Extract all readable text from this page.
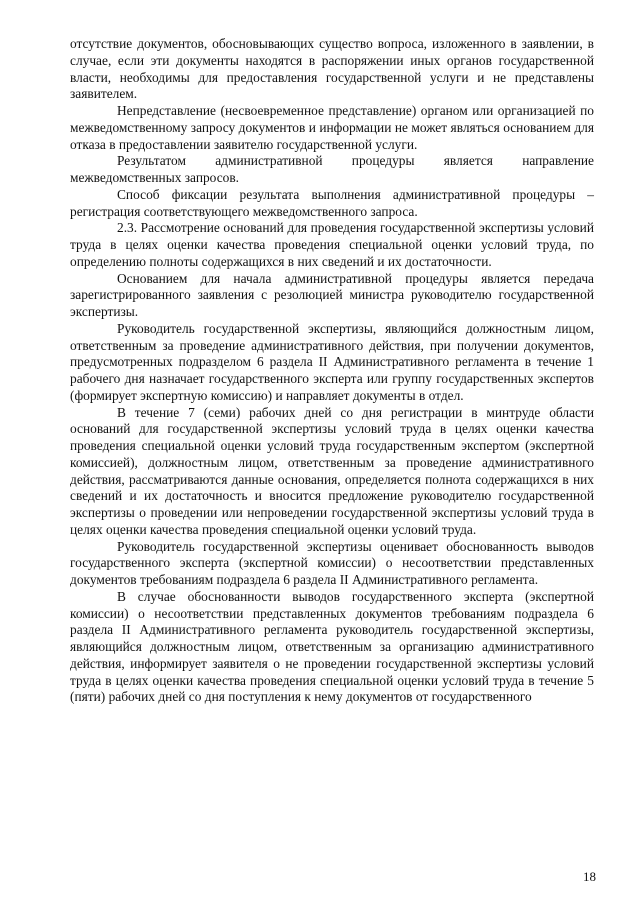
отсутствие документов, обосновывающих существо вопроса, изложенного в заявлении, в случае, если эти документы находятся в распоряжении иных органов государственной власти, необходимы для предоставления государственной услуги и не представлены заявителем.

Непредставление (несвоевременное представление) органом или организацией по межведомственному запросу документов и информации не может являться основанием для отказа в предоставлении заявителю государственной услуги.

Результатом административной процедуры является направление межведомственных запросов.

Способ фиксации результата выполнения административной процедуры – регистрация соответствующего межведомственного запроса.

2.3. Рассмотрение оснований для проведения государственной экспертизы условий труда в целях оценки качества проведения специальной оценки условий труда, по определению полноты содержащихся в них сведений и их достаточности.

Основанием для начала административной процедуры является передача зарегистрированного заявления с резолюцией министра руководителю государственной экспертизы.

Руководитель государственной экспертизы, являющийся должностным лицом, ответственным за проведение административного действия, при получении документов, предусмотренных подразделом 6 раздела II Административного регламента в течение 1 рабочего дня назначает государственного эксперта или группу государственных экспертов (формирует экспертную комиссию) и направляет документы в отдел.

В течение 7 (семи) рабочих дней со дня регистрации в минтруде области оснований для государственной экспертизы условий труда в целях оценки качества проведения специальной оценки условий труда государственным экспертом (экспертной комиссией), должностным лицом, ответственным за проведение административного действия, рассматриваются данные основания, определяется полнота содержащихся в них сведений и их достаточность и вносится предложение руководителю государственной экспертизы о проведении или непроведении государственной экспертизы условий труда в целях оценки качества проведения специальной оценки условий труда.

Руководитель государственной экспертизы оценивает обоснованность выводов государственного эксперта (экспертной комиссии) о несоответствии представленных документов требованиям подраздела 6 раздела II Административного регламента.

В случае обоснованности выводов государственного эксперта (экспертной комиссии) о несоответствии представленных документов требованиям подраздела 6 раздела II Административного регламента руководитель государственной экспертизы, являющийся должностным лицом, ответственным за организацию административного действия, информирует заявителя о не проведении государственной экспертизы условий труда в целях оценки качества проведения специальной оценки условий труда в течение 5 (пяти) рабочих дней со дня поступления к нему документов от государственного

18
